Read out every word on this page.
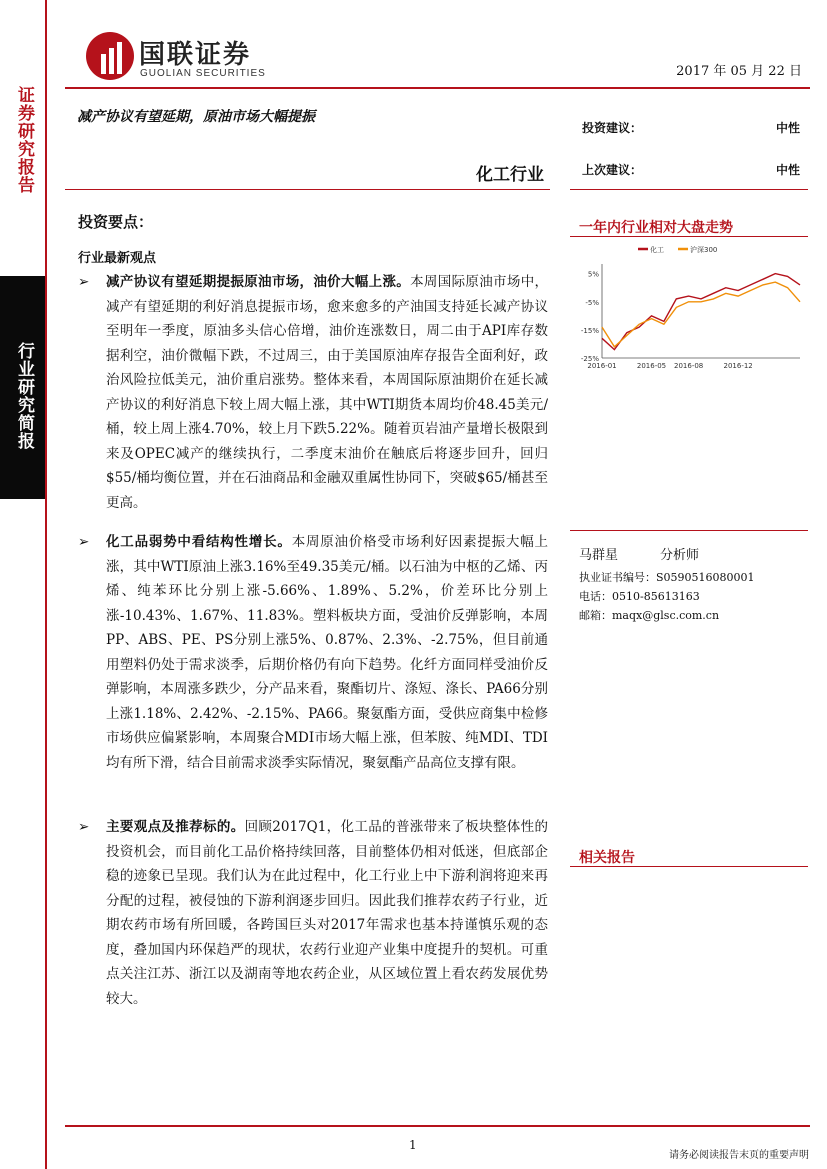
证券研究报告
行业研究简报
国联证券
GUOLIAN SECURITIES	2017 年 05 月 22 日
减产协议有望延期，原油市场大幅提振
化工行业
投资建议：	中性
上次建议：	中性
投资要点：
行业最新观点
➢	减产协议有望延期提振原油市场，油价大幅上涨。本周国际原油市场中，减产有望延期的利好消息提振市场，愈来愈多的产油国支持延长减产协议至明年一季度，原油多头信心倍增，油价连涨数日，周二由于API库存数据利空，油价微幅下跌，不过周三，由于美国原油库存报告全面利好，政治风险拉低美元，油价重启涨势。整体来看，本周国际原油期价在延长减产协议的利好消息下较上周大幅上涨，其中WTI期货本周均价48.45美元/桶，较上周上涨4.70%，较上月下跌5.22%。随着页岩油产量增长极限到来及OPEC减产的继续执行，二季度末油价在触底后将逐步回升，回归$55/桶均衡位置，并在石油商品和金融双重属性协同下，突破$65/桶甚至更高。
➢	化工品弱势中看结构性增长。本周原油价格受市场利好因素提振大幅上涨，其中WTI原油上涨3.16%至49.35美元/桶。以石油为中枢的乙烯、丙烯、纯苯环比分别上涨-5.66%、1.89%、5.2%，价差环比分别上涨-10.43%、1.67%、11.83%。塑料板块方面，受油价反弹影响，本周PP、ABS、PE、PS分别上涨5%、0.87%、2.3%、-2.75%，但目前通用塑料仍处于需求淡季，后期价格仍有向下趋势。化纤方面同样受油价反弹影响，本周涨多跌少，分产品来看，聚酯切片、涤短、涤长、PA66分别上涨1.18%、2.42%、-2.15%、PA66。聚氨酯方面，受供应商集中检修市场供应偏紧影响，本周聚合MDI市场大幅上涨，但苯胺、纯MDI、TDI均有所下滑，结合目前需求淡季实际情况，聚氨酯产品高位支撑有限。
➢	主要观点及推荐标的。回顾2017Q1，化工品的普涨带来了板块整体性的投资机会，而目前化工品价格持续回落，目前整体仍相对低迷，但底部企稳的迹象已呈现。我们认为在此过程中，化工行业上中下游利润将迎来再分配的过程，被侵蚀的下游利润逐步回归。因此我们推荐农药子行业，近期农药市场有所回暖，各跨国巨头对2017年需求也基本持谨慎乐观的态度，叠加国内环保趋严的现状，农药行业迎产业集中度提升的契机。可重点关注江苏、浙江以及湖南等地农药企业，从区域位置上看农药发展优势较大。
一年内行业相对大盘走势
5%
-5%
-15%
-25%
2016-01	2016-05 2016-08	2016-12
化工	沪深300
马群星	分析师
执业证书编号：S0590516080001
电话：0510-85613163
邮箱：maqx@glsc.com.cn
相关报告
1
请务必阅读报告末页的重要声明
